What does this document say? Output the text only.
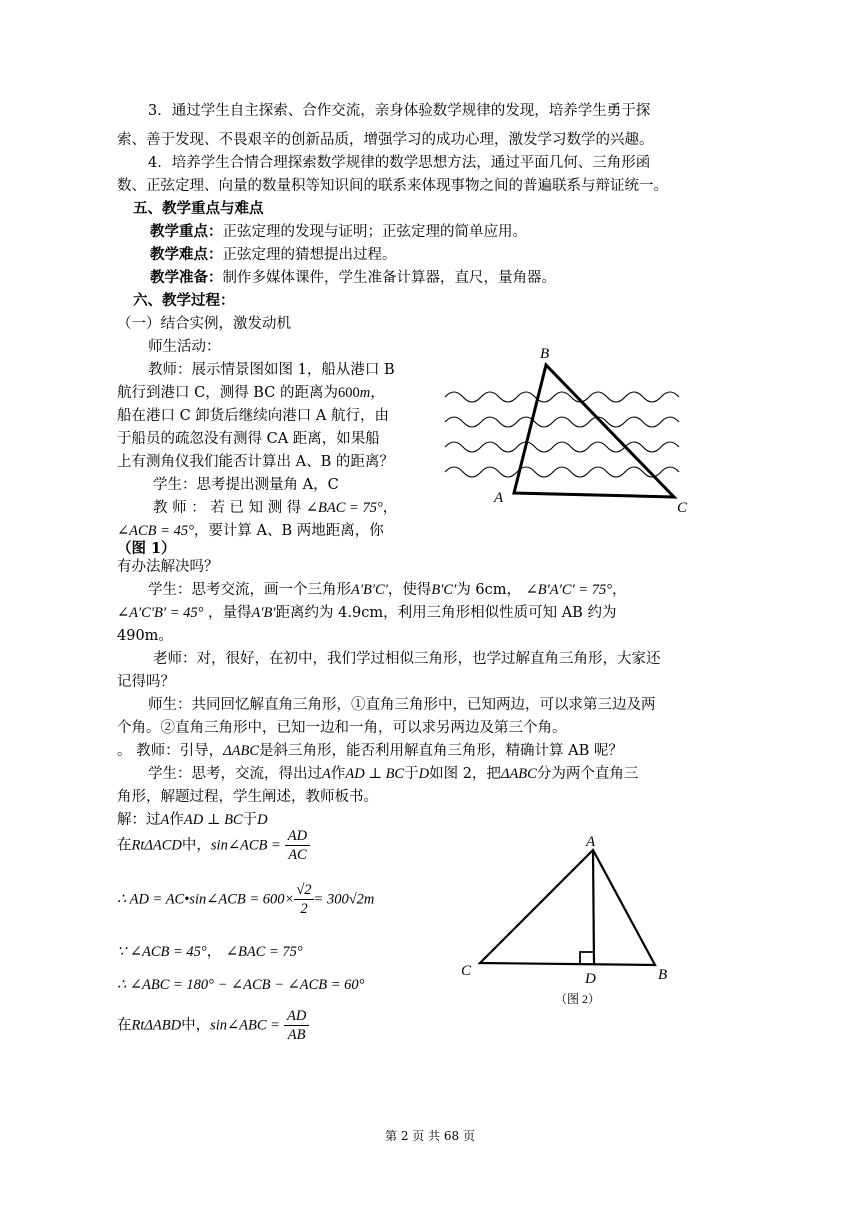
3．通过学生自主探索、合作交流，亲身体验数学规律的发现，培养学生勇于探
索、善于发现、不畏艰辛的创新品质，增强学习的成功心理，激发学习数学的兴趣。
4．培养学生合情合理探索数学规律的数学思想方法，通过平面几何、三角形函
数、正弦定理、向量的数量积等知识间的联系来体现事物之间的普遍联系与辩证统一。
五、教学重点与难点
教学重点：正弦定理的发现与证明；正弦定理的简单应用。
教学难点：正弦定理的猜想提出过程。
教学准备：制作多媒体课件，学生准备计算器，直尺，量角器。
六、教学过程：
（一）结合实例，激发动机
师生活动：
教师：展示情景图如图 1，船从港口 B
航行到港口 C，测得 BC 的距离为600m，
船在港口 C 卸货后继续向港口 A 航行，由
于船员的疏忽没有测得 CA 距离，如果船
上有测角仪我们能否计算出 A、B 的距离？
学生：思考提出测量角 A，C
教 师 ： 若 已 知 测 得 ∠BAC = 75°，
∠ACB = 45°，要计算 A、B 两地距离，你
（图 1）
有办法解决吗？
学生：思考交流，画一个三角形A′B′C′，使得B′C′为 6cm， ∠B′A′C′ = 75°，
∠A′C′B′ = 45° ，量得A′B′距离约为 4.9cm，利用三角形相似性质可知 AB 约为
490m。
老师：对，很好，在初中，我们学过相似三角形，也学过解直角三角形，大家还
记得吗？
师生：共同回忆解直角三角形，①直角三角形中，已知两边，可以求第三边及两
个角。②直角三角形中，已知一边和一角，可以求另两边及第三个角。
。 教师：引导，ΔABC是斜三角形，能否利用解直角三角形，精确计算 AB 呢？
学生：思考，交流，得出过A作AD ⊥ BC于D如图 2，把ΔABC分为两个直角三
角形，解题过程，学生阐述，教师板书。
解：过A作AD ⊥ BC于D
在RtΔACD中，sin∠ACB = $\frac{AD}{AC}$
∴ AD = AC•sin∠ACB = $600\times \frac{√2}{2} = 300√2m$
∵ ∠ACB = 45°， ∠BAC = 75°
∴ ∠ABC = 180° − ∠ACB − ∠ACB = 60°
在RtΔABD中，sin∠ABC = $\frac{AD}{AB}$
B
A
C
A
C	D	B
（图 2）
第 2 页 共 68 页
